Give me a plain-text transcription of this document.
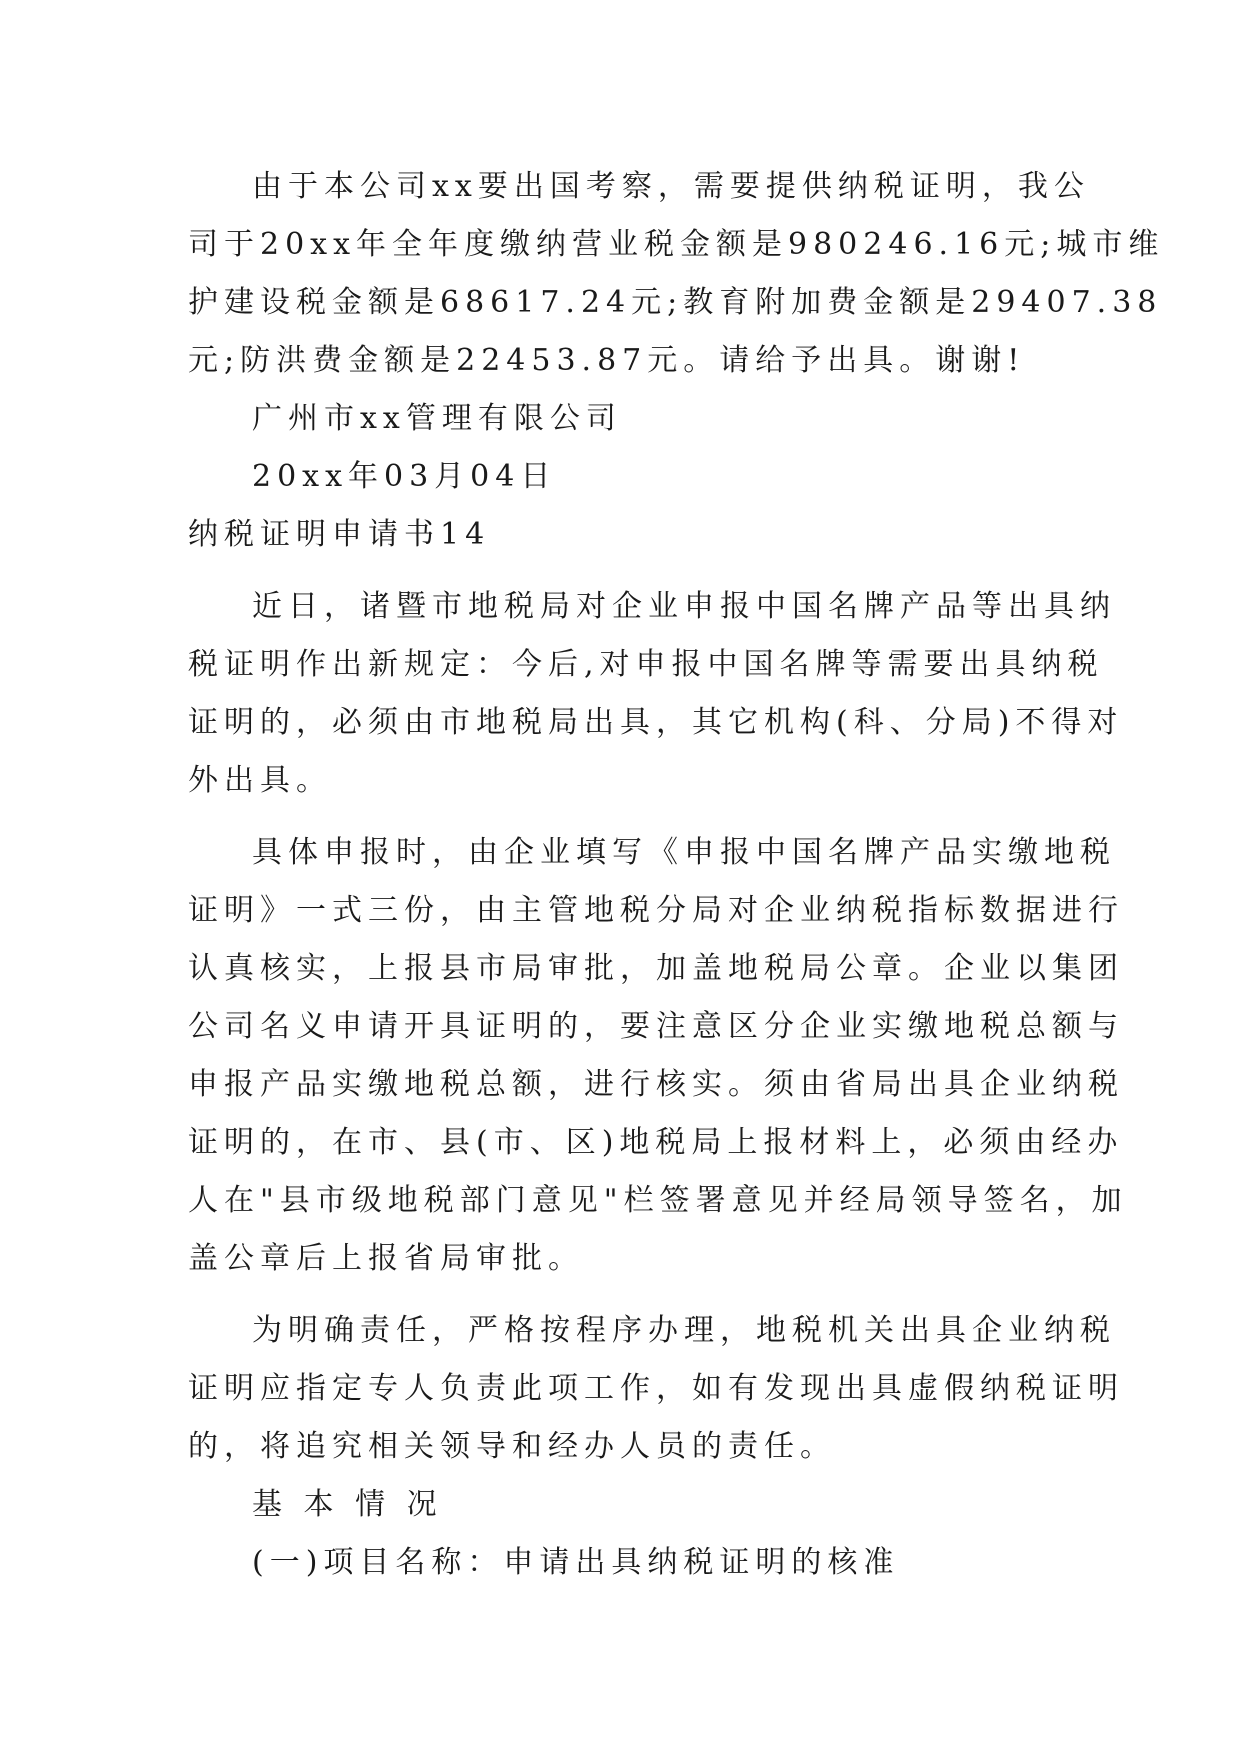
由于本公司xx要出国考察，需要提供纳税证明，我公
司于20xx年全年度缴纳营业税金额是980246.16元;城市维
护建设税金额是68617.24元;教育附加费金额是29407.38
元;防洪费金额是22453.87元。请给予出具。谢谢!
广州市xx管理有限公司
20xx年03月04日
纳税证明申请书14
近日，诸暨市地税局对企业申报中国名牌产品等出具纳
税证明作出新规定：今后,对申报中国名牌等需要出具纳税
证明的，必须由市地税局出具，其它机构(科、分局)不得对
外出具。
具体申报时，由企业填写《申报中国名牌产品实缴地税
证明》一式三份，由主管地税分局对企业纳税指标数据进行
认真核实，上报县市局审批，加盖地税局公章。企业以集团
公司名义申请开具证明的，要注意区分企业实缴地税总额与
申报产品实缴地税总额，进行核实。须由省局出具企业纳税
证明的，在市、县(市、区)地税局上报材料上，必须由经办
人在"县市级地税部门意见"栏签署意见并经局领导签名，加
盖公章后上报省局审批。
为明确责任，严格按程序办理，地税机关出具企业纳税
证明应指定专人负责此项工作，如有发现出具虚假纳税证明
的，将追究相关领导和经办人员的责任。
基 本 情 况
(一)项目名称：申请出具纳税证明的核准
